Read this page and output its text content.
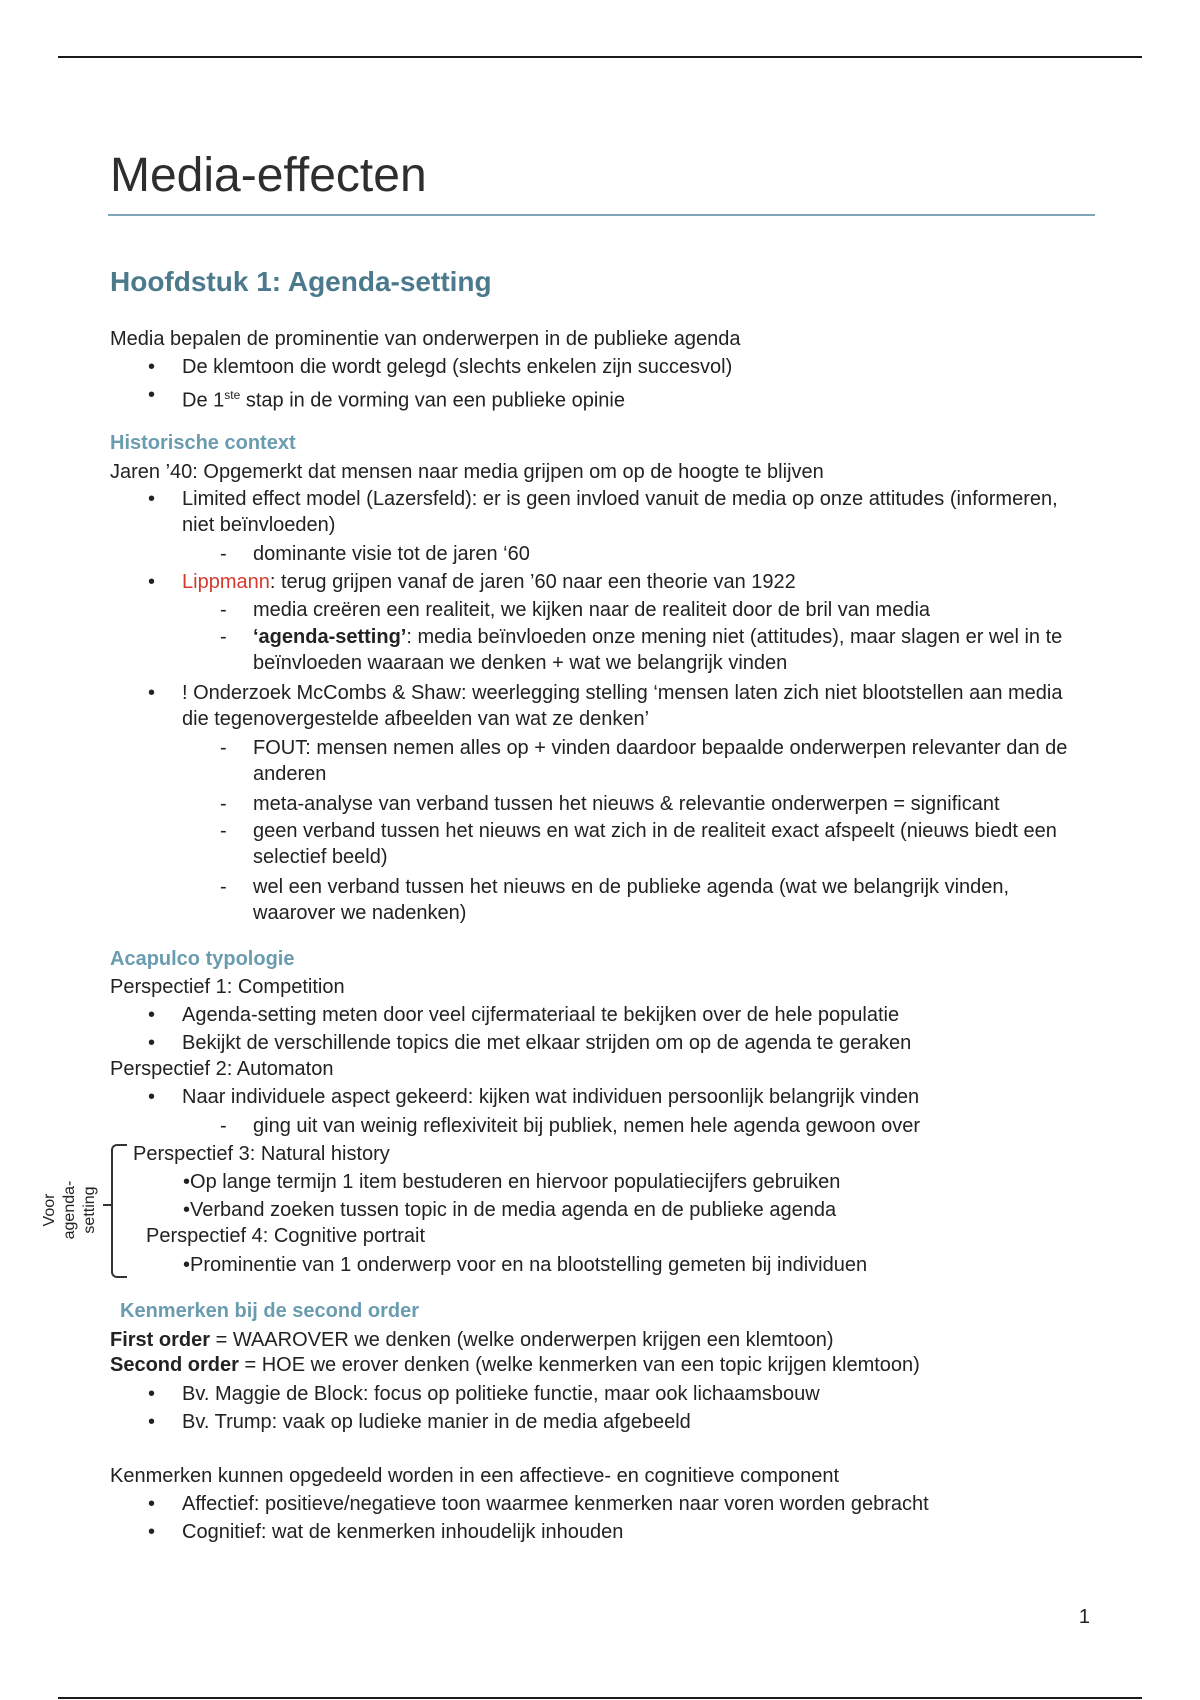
Media-effecten
Hoofdstuk 1: Agenda-setting
Media bepalen de prominentie van onderwerpen in de publieke agenda
• De klemtoon die wordt gelegd (slechts enkelen zijn succesvol)
• De 1ste stap in de vorming van een publieke opinie
Historische context
Jaren ’40: Opgemerkt dat mensen naar media grijpen om op de hoogte te blijven
• Limited effect model (Lazersfeld): er is geen invloed vanuit de media op onze attitudes (informeren, niet beïnvloeden)
- dominante visie tot de jaren ‘60
• Lippmann: terug grijpen vanaf de jaren ’60 naar een theorie van 1922
- media creëren een realiteit, we kijken naar de realiteit door de bril van media
- ‘agenda-setting’: media beïnvloeden onze mening niet (attitudes), maar slagen er wel in te beïnvloeden waaraan we denken + wat we belangrijk vinden
• ! Onderzoek McCombs & Shaw: weerlegging stelling ‘mensen laten zich niet blootstellen aan media die tegenovergestelde afbeelden van wat ze denken’
- FOUT: mensen nemen alles op + vinden daardoor bepaalde onderwerpen relevanter dan de anderen
- meta-analyse van verband tussen het nieuws & relevantie onderwerpen = significant
- geen verband tussen het nieuws en wat zich in de realiteit exact afspeelt (nieuws biedt een selectief beeld)
- wel een verband tussen het nieuws en de publieke agenda (wat we belangrijk vinden, waarover we nadenken)
Acapulco typologie
Perspectief 1: Competition
• Agenda-setting meten door veel cijfermateriaal te bekijken over de hele populatie
• Bekijkt de verschillende topics die met elkaar strijden om op de agenda te geraken
Perspectief 2: Automaton
• Naar individuele aspect gekeerd: kijken wat individuen persoonlijk belangrijk vinden
- ging uit van weinig reflexiviteit bij publiek, nemen hele agenda gewoon over
Voor agenda-setting
Perspectief 3: Natural history
•Op lange termijn 1 item bestuderen en hiervoor populatiecijfers gebruiken
•Verband zoeken tussen topic in de media agenda en de publieke agenda
Perspectief 4: Cognitive portrait
•Prominentie van 1 onderwerp voor en na blootstelling gemeten bij individuen
Kenmerken bij de second order
First order = WAAROVER we denken (welke onderwerpen krijgen een klemtoon)
Second order = HOE we erover denken (welke kenmerken van een topic krijgen klemtoon)
• Bv. Maggie de Block: focus op politieke functie, maar ook lichaamsbouw
• Bv. Trump: vaak op ludieke manier in de media afgebeeld
Kenmerken kunnen opgedeeld worden in een affectieve- en cognitieve component
• Affectief: positieve/negatieve toon waarmee kenmerken naar voren worden gebracht
• Cognitief: wat de kenmerken inhoudelijk inhouden
1
